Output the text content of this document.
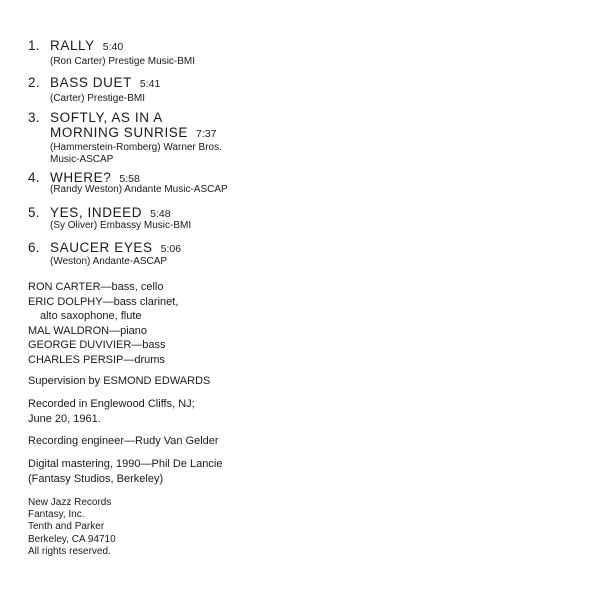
1. RALLY 5:40
(Ron Carter) Prestige Music-BMI
2. BASS DUET 5:41
(Carter) Prestige-BMI
3. SOFTLY, AS IN A
MORNING SUNRISE 7:37
(Hammerstein-Romberg) Warner Bros.
Music-ASCAP
4. WHERE? 5:58
(Randy Weston) Andante Music-ASCAP
5. YES, INDEED 5:48
(Sy Oliver) Embassy Music-BMI
6. SAUCER EYES 5:06
(Weston) Andante-ASCAP
RON CARTER—bass, cello
ERIC DOLPHY—bass clarinet,
alto saxophone, flute
MAL WALDRON—piano
GEORGE DUVIVIER—bass
CHARLES PERSIP—drums
Supervision by ESMOND EDWARDS
Recorded in Englewood Cliffs, NJ;
June 20, 1961.
Recording engineer—Rudy Van Gelder
Digital mastering, 1990—Phil De Lancie
(Fantasy Studios, Berkeley)
New Jazz Records
Fantasy, Inc.
Tenth and Parker
Berkeley, CA 94710
All rights reserved.
